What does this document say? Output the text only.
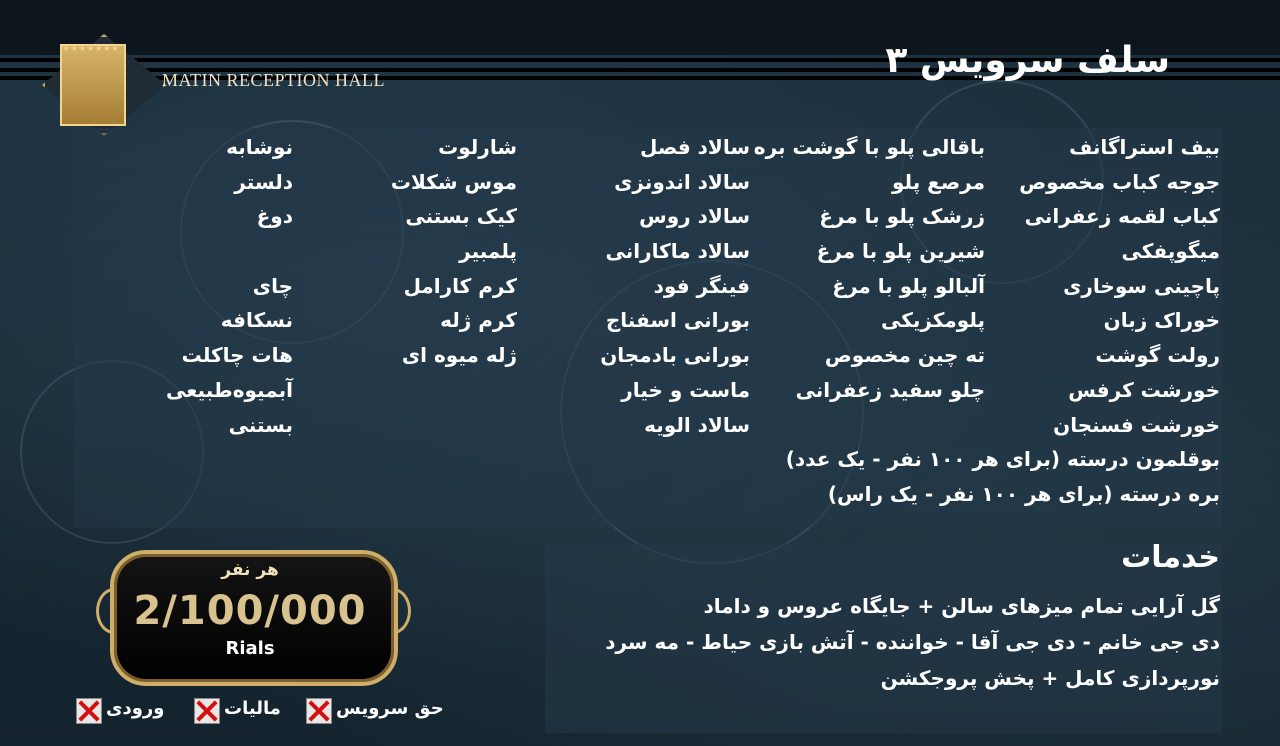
★★★★★★★
MATIN RECEPTION HALL	سلف سرویس ۳
بیف استراگانف
جوجه کباب مخصوص
کباب لقمه زعفرانی
میگوپفکی
پاچینی سوخاری
خوراک زبان
رولت گوشت
خورشت کرفس
خورشت فسنجان
بوقلمون درسته (برای هر ۱۰۰ نفر - یک عدد)
بره درسته (برای هر ۱۰۰ نفر - یک راس)
باقالی پلو با گوشت بره
مرصع پلو
زرشک پلو با مرغ
شیرین پلو با مرغ
آلبالو پلو با مرغ
پلومکزیکی
ته چین مخصوص
چلو سفید زعفرانی
سالاد فصل
سالاد اندونزی
سالاد روس
سالاد ماکارانی
فینگر فود
بورانی اسفناج
بورانی بادمجان
ماست و خیار
سالاد الویه
شارلوت
موس شکلات
کیک بستنی
پلمبیر
کرم کارامل
کرم ژله
ژله میوه ای
نوشابه
دلستر
دوغ
چای
نسکافه
هات چاکلت
آبمیوه‌طبیعی
بستنی
خدمات
گل آرایی تمام میزهای سالن + جایگاه عروس و داماد
دی جی خانم - دی جی آقا - خواننده - آتش بازی حیاط - مه سرد
نورپردازی کامل + پخش پروجکشن
هر نفر
2/100/000
Rials
حق سرویس
مالیات
ورودی
